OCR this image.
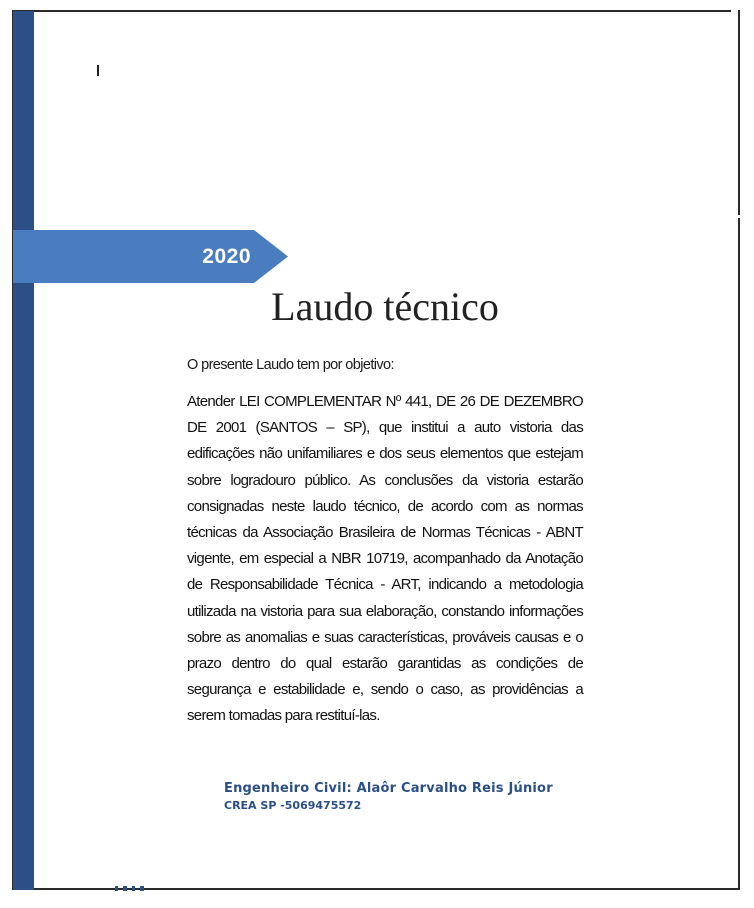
2020
Laudo técnico
O presente Laudo tem por objetivo:
Atender LEI COMPLEMENTAR Nº 441, DE 26 DE DEZEMBRO DE 2001 (SANTOS – SP), que institui a auto vistoria das edificações não unifamiliares e dos seus elementos que estejam sobre logradouro público. As conclusões da vistoria estarão consignadas neste laudo técnico, de acordo com as normas técnicas da Associação Brasileira de Normas Técnicas - ABNT vigente, em especial a NBR 10719, acompanhado da Anotação de Responsabilidade Técnica - ART, indicando a metodologia utilizada na vistoria para sua elaboração, constando informações sobre as anomalias e suas características, prováveis causas e o prazo dentro do qual estarão garantidas as condições de segurança e estabilidade e, sendo o caso, as providências a serem tomadas para restituí-las.
Engenheiro Civil: Alaôr Carvalho Reis Júnior
CREA SP -5069475572
